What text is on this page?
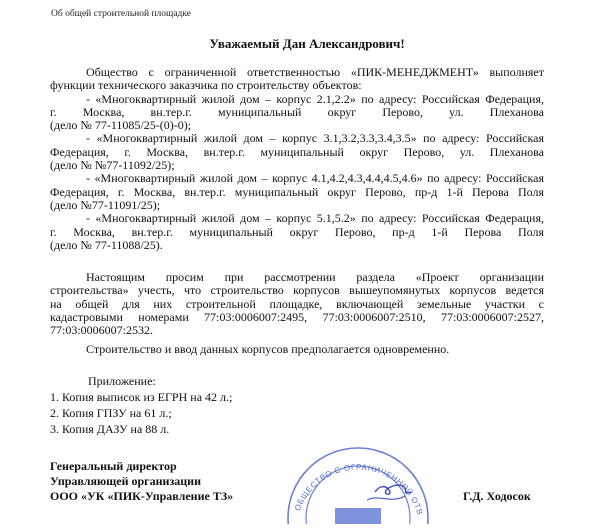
Об общей строительной площадке
Уважаемый Дан Александрович!

Общество с ограниченной ответственностью «ПИК-МЕНЕДЖМЕНТ» выполняет

функции технического заказчика по строительству объектов:

- «Многоквартирный жилой дом – корпус 2.1,2.2» по адресу: Российская Федерация,

г. Москва, вн.тер.г. муниципальный округ Перово, ул. Плеханова

(дело № 77-11085/25-(0)-0);

- «Многоквартирный жилой дом – корпус 3.1,3.2,3.3,3.4,3.5» по адресу: Российская

Федерация, г. Москва, вн.тер.г. муниципальный округ Перово, ул. Плеханова

(дело № №77-11092/25);

- «Многоквартирный жилой дом – корпус 4.1,4.2,4.3,4.4,4.5,4.6» по адресу: Российская

Федерация, г. Москва, вн.тер.г. муниципальный округ Перово, пр-д 1-й Перова Поля

(дело №77-11091/25);

- «Многоквартирный жилой дом – корпус 5.1,5.2» по адресу: Российская Федерация,

г. Москва, вн.тер.г. муниципальный округ Перово, пр-д 1-й Перова Поля

(дело № 77-11088/25).

Настоящим просим при рассмотрении раздела «Проект организации

строительства» учесть, что строительство корпусов вышеупомянутых корпусов ведется

на общей для них строительной площадке, включающей земельные участки с

кадастровыми номерами 77:03:0006007:2495, 77:03:0006007:2510, 77:03:0006007:2527,

77:03:0006007:2532.

Строительство и ввод данных корпусов предполагается одновременно.

Приложение:
1. Копия выписок из ЕГРН на 42 л.;
2. Копия ГПЗУ на 61 л.;
3. Копия ДАЗУ на 88 л.
ОБЩЕСТВО С ОГРАНИЧЕННОЙ ОТВ
Генеральный директор
Управляющей организации
ООО «УК «ПИК-Управление ТЗ»	Г.Д. Ходосок
